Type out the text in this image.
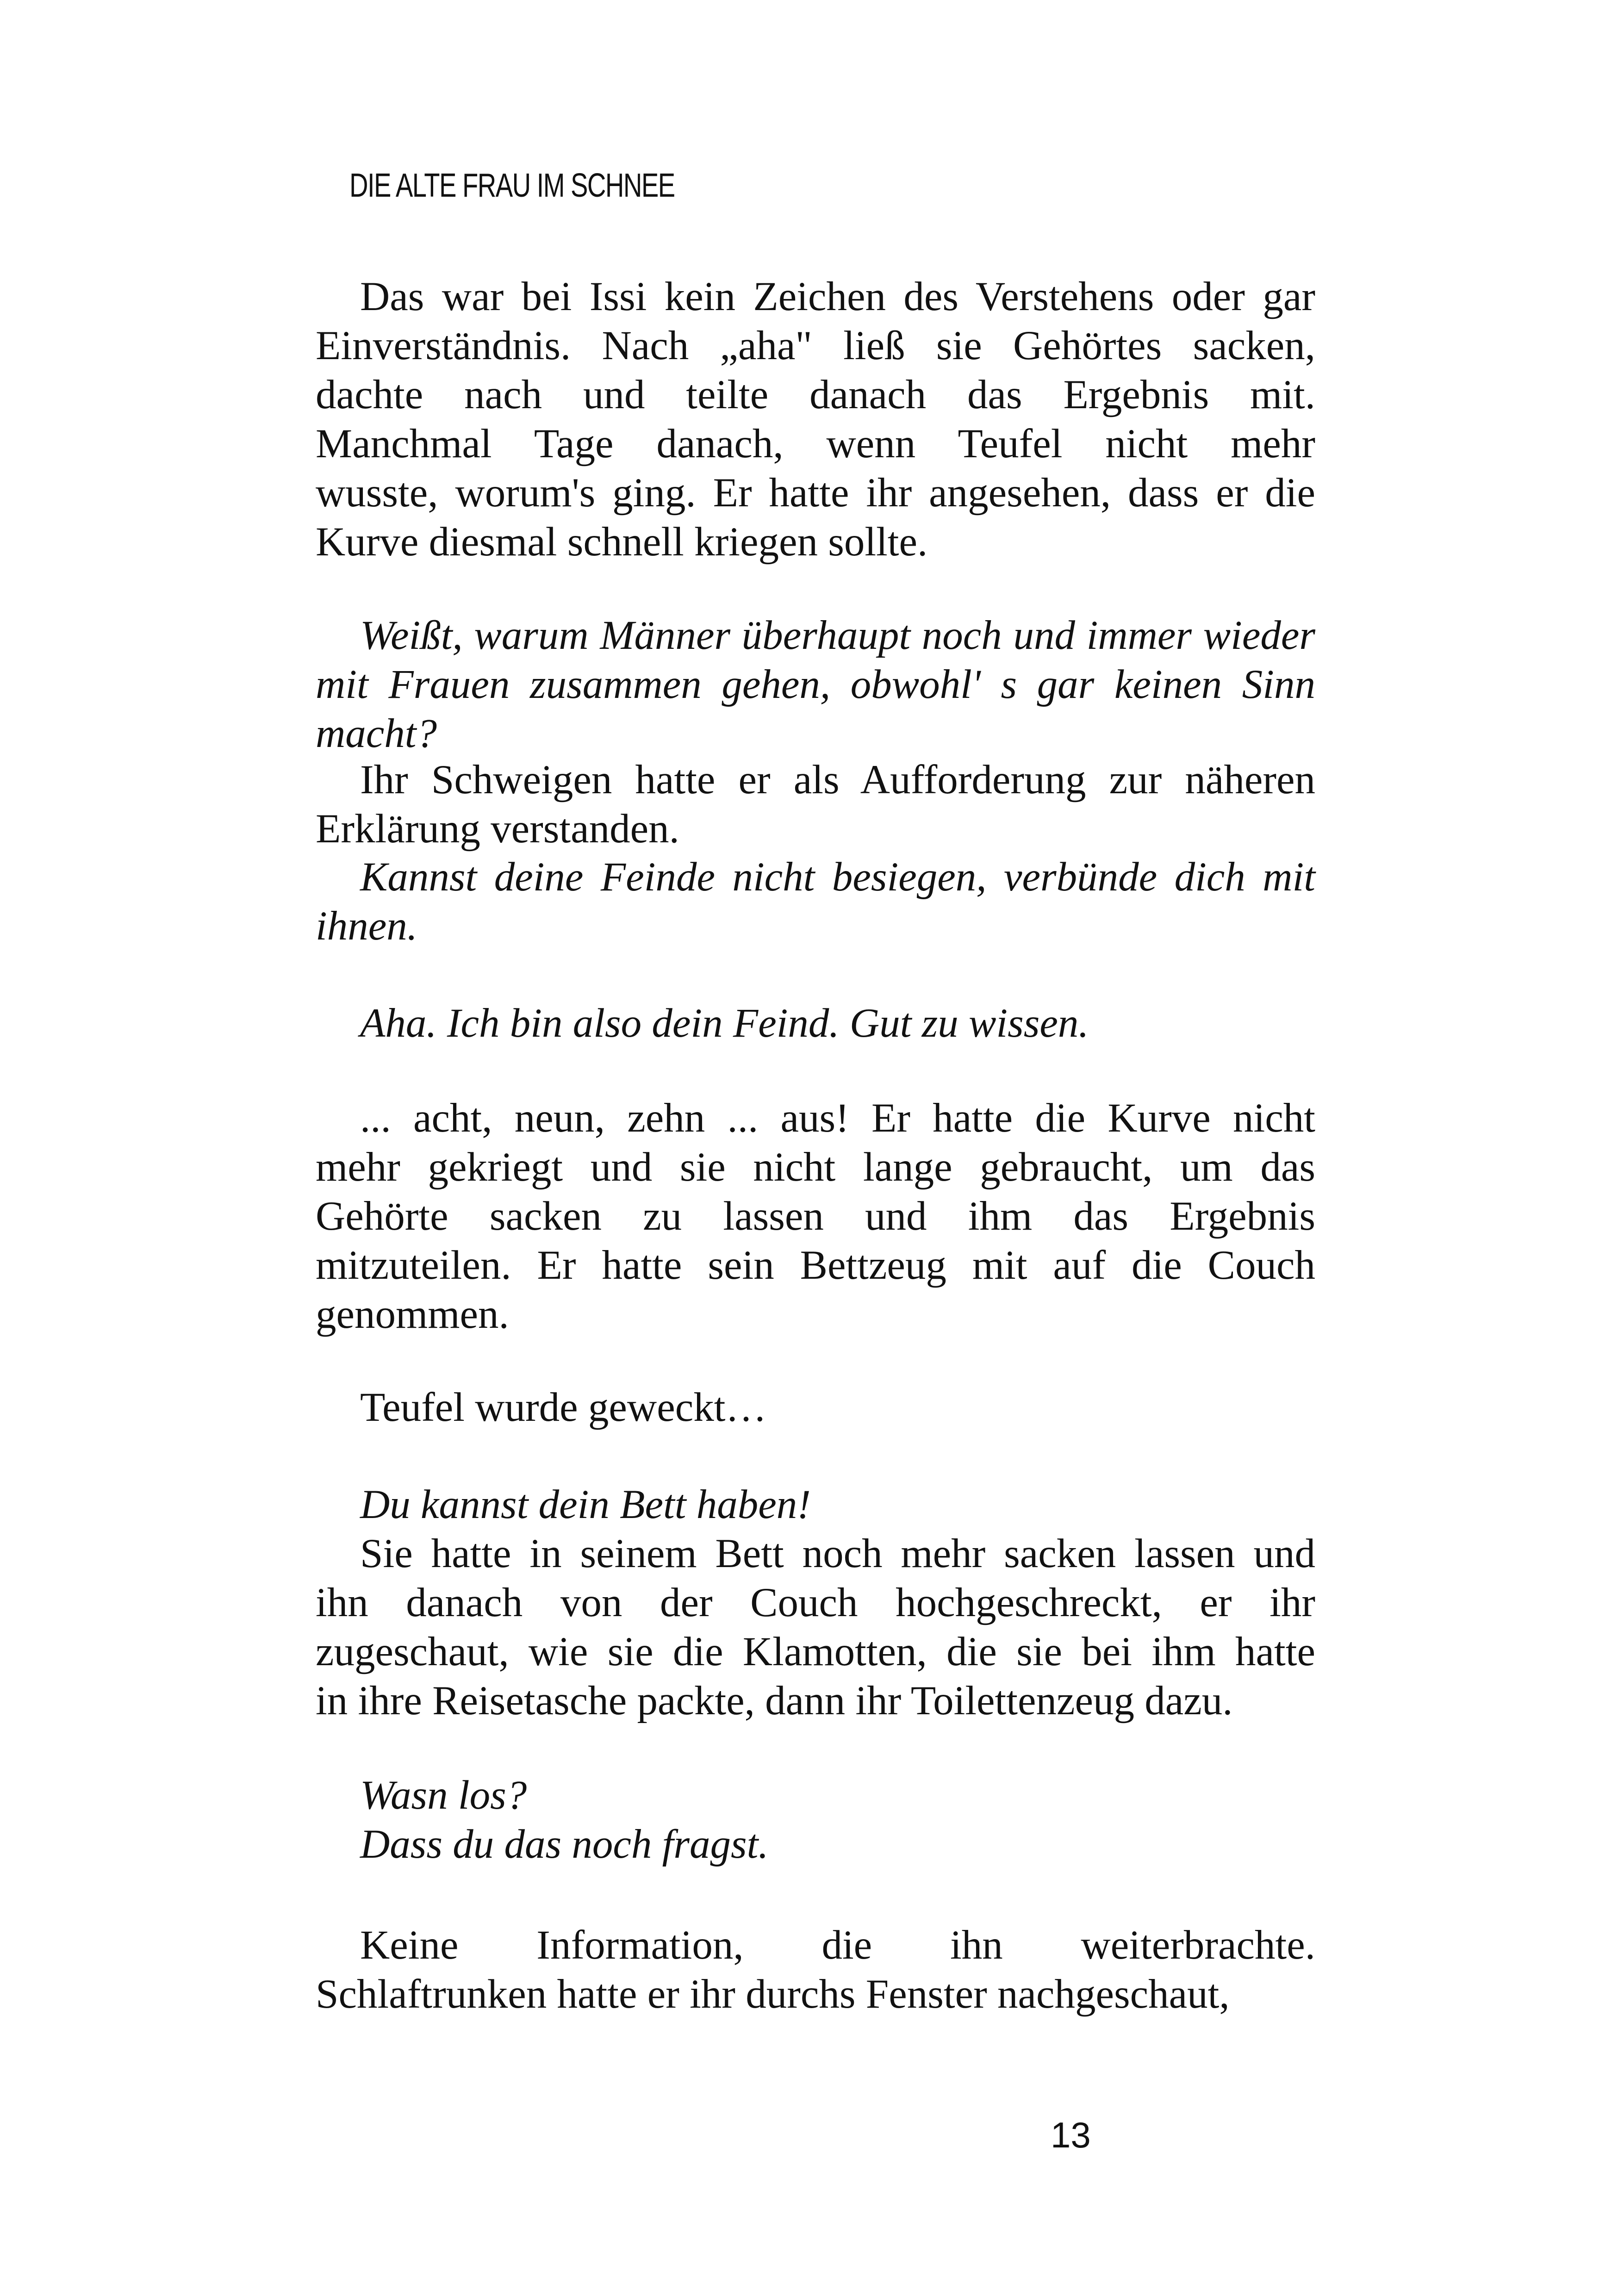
DIE ALTE FRAU IM SCHNEE
Das war bei Issi kein Zeichen des Verstehens oder gar
Einverständnis. Nach „aha" ließ sie Gehörtes sacken,
dachte nach und teilte danach das Ergebnis mit.
Manchmal Tage danach, wenn Teufel nicht mehr
wusste, worum's ging. Er hatte ihr angesehen, dass er die
Kurve diesmal schnell kriegen sollte.
Weißt, warum Männer überhaupt noch und immer wieder
mit Frauen zusammen gehen, obwohl' s gar keinen Sinn
macht?
Ihr Schweigen hatte er als Aufforderung zur näheren
Erklärung verstanden.
Kannst deine Feinde nicht besiegen, verbünde dich mit
ihnen.
Aha. Ich bin also dein Feind. Gut zu wissen.
... acht, neun, zehn ... aus! Er hatte die Kurve nicht
mehr gekriegt und sie nicht lange gebraucht, um das
Gehörte sacken zu lassen und ihm das Ergebnis
mitzuteilen. Er hatte sein Bettzeug mit auf die Couch
genommen.
Teufel wurde geweckt…
Du kannst dein Bett haben!
Sie hatte in seinem Bett noch mehr sacken lassen und
ihn danach von der Couch hochgeschreckt, er ihr
zugeschaut, wie sie die Klamotten, die sie bei ihm hatte
in ihre Reisetasche packte, dann ihr Toilettenzeug dazu.
Wasn los?
Dass du das noch fragst.
Keine Information, die ihn weiterbrachte.
Schlaftrunken hatte er ihr durchs Fenster nachgeschaut,
13
